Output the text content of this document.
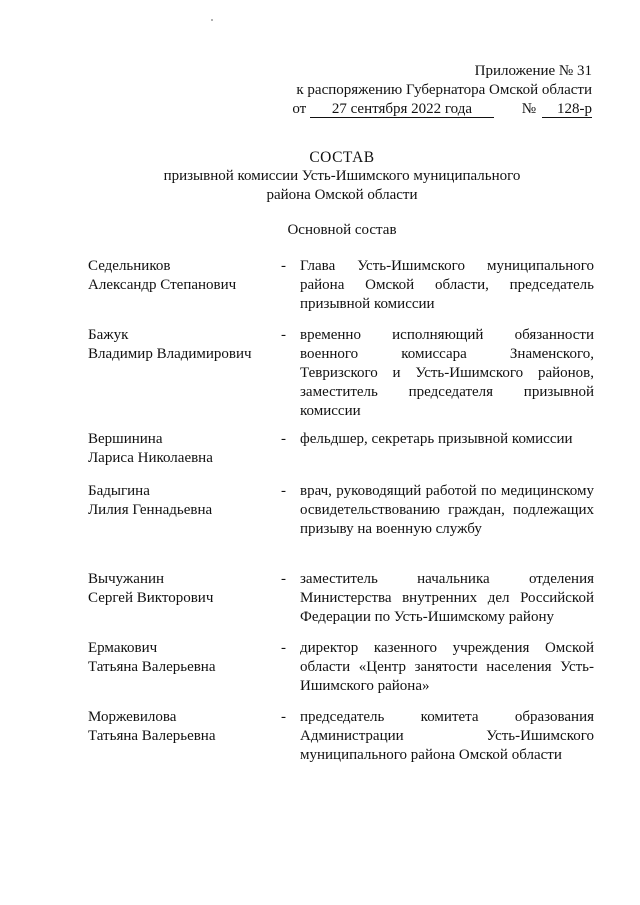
Приложение № 31
к распоряжению Губернатора Омской области
от 27 сентября 2022 года	№ 128-р
СОСТАВ
призывной комиссии Усть-Ишимского муниципального
района Омской области
Основной состав
Седельников
Александр Степанович
- Глава Усть-Ишимского муниципального района Омской области, председатель призывной комиссии
Бажук
Владимир Владимирович
- временно исполняющий обязанности военного комиссара Знаменского, Тевризского и Усть-Ишимского районов, заместитель председателя призывной комиссии
Вершинина
Лариса Николаевна
- фельдшер, секретарь призывной комиссии
Бадыгина
Лилия Геннадьевна
- врач, руководящий работой по медицинскому освидетельствованию граждан, подлежащих призыву на военную службу
Вычужанин
Сергей Викторович
- заместитель начальника отделения Министерства внутренних дел Российской Федерации по Усть-Ишимскому району
Ермакович
Татьяна Валерьевна
- директор казенного учреждения Омской области «Центр занятости населения Усть-Ишимского района»
Моржевилова
Татьяна Валерьевна
- председатель комитета образования Администрации Усть-Ишимского муниципального района Омской области
